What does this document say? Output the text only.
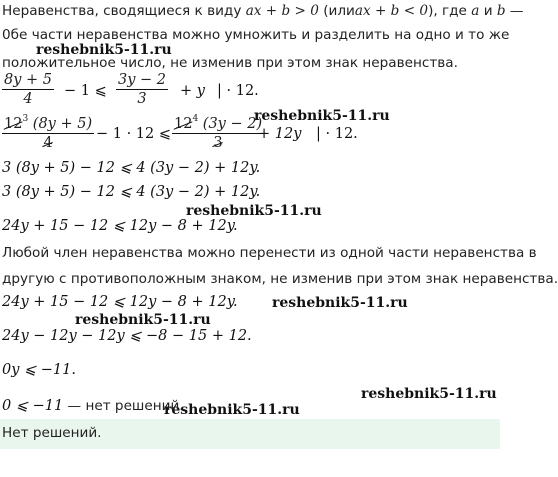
Неравенства, сводящиеся к виду ax + b > 0 (илиax + b < 0), где a и b —
0бе части неравенства можно умножить и разделить на одно и то же
положительное число, не изменив при этом знак неравенства.
reshebnik5-11.ru
reshebnik5-11.ru
reshebnik5-11.ru
reshebnik5-11.ru
reshebnik5-11.ru
reshebnik5-11.ru
reshebnik5-11.ru
$\frac{8y + 5}{4} - 1$ ⩽ $\frac{3y - 2}{3} + y$ | · 12.
$\frac{12^3 (8y + 5)}{4} - 1 \cdot 12$ ⩽ $\frac{12^4 (3y - 2)}{3}$
+ 12y | · 12.
3 (8y + 5) − 12 ⩽ 4 (3y − 2) + 12y.
3 (8y + 5) − 12 ⩽ 4 (3y − 2) + 12y.
24y + 15 − 12 ⩽ 12y − 8 + 12y.
Любой член неравенства можно перенести из одной части неравенства в
другую с противоположным знаком, не изменив при этом знак неравенства.
24y + 15 − 12 ⩽ 12y − 8 + 12y.
24y − 12y − 12y ⩽ −8 − 15 + 12.
0y ⩽ −11.
0 ⩽ −11 — нет решений.
Нет решений.
